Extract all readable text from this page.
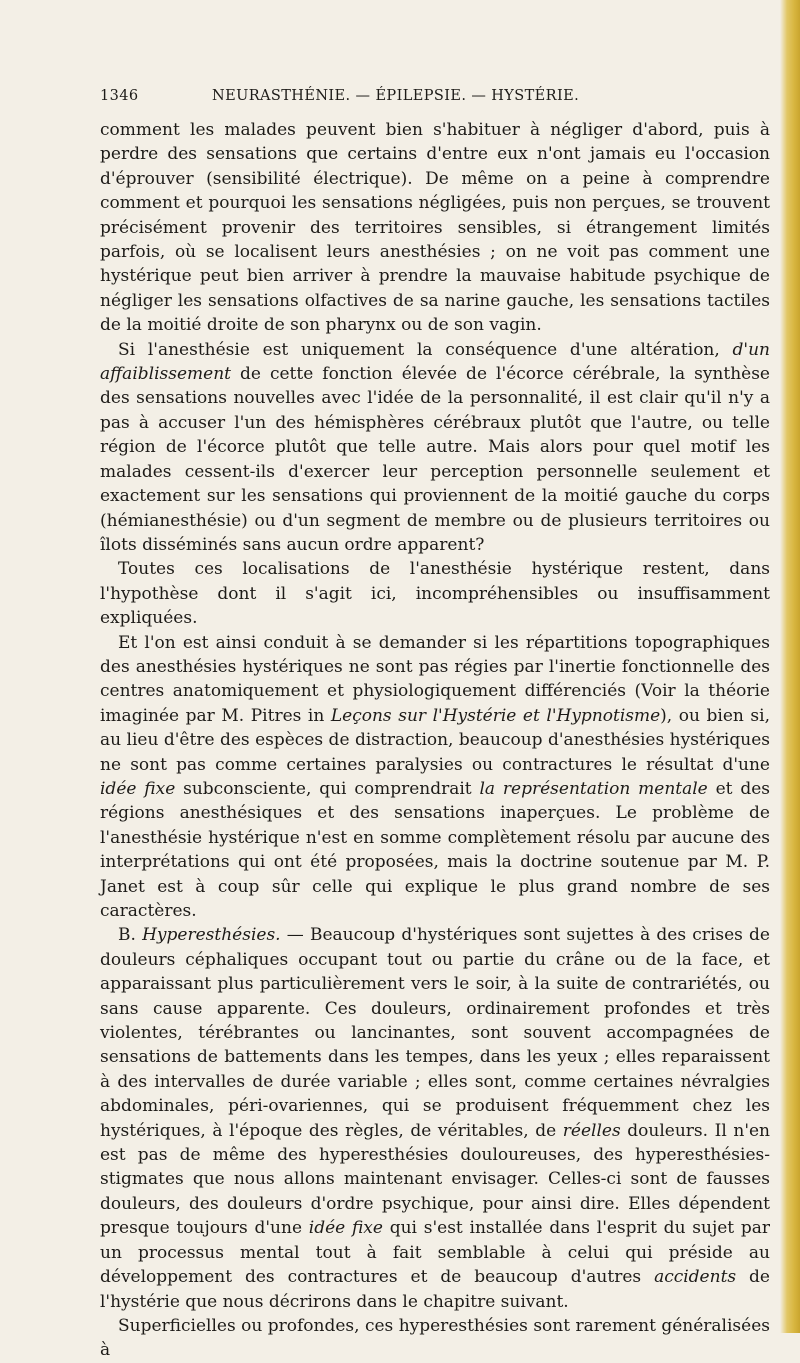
1346	NEURASTHÉNIE. — ÉPILEPSIE. — HYSTÉRIE.

comment les malades peuvent bien s'habituer à négliger d'abord, puis à perdre des sensations que certains d'entre eux n'ont jamais eu l'occasion d'éprouver (sensibilité électrique). De même on a peine à comprendre comment et pourquoi les sensations négligées, puis non perçues, se trouvent précisément provenir des territoires sensibles, si étrangement limités parfois, où se localisent leurs anesthésies ; on ne voit pas comment une hystérique peut bien arriver à prendre la mauvaise habitude psychique de négliger les sensations olfactives de sa narine gauche, les sensations tactiles de la moitié droite de son pharynx ou de son vagin.

Si l'anesthésie est uniquement la conséquence d'une altération, d'un affaiblissement de cette fonction élevée de l'écorce cérébrale, la synthèse des sensations nouvelles avec l'idée de la personnalité, il est clair qu'il n'y a pas à accuser l'un des hémisphères cérébraux plutôt que l'autre, ou telle région de l'écorce plutôt que telle autre. Mais alors pour quel motif les malades cessent-ils d'exercer leur perception personnelle seulement et exactement sur les sensations qui proviennent de la moitié gauche du corps (hémianesthésie) ou d'un segment de membre ou de plusieurs territoires ou îlots disséminés sans aucun ordre apparent?

Toutes ces localisations de l'anesthésie hystérique restent, dans l'hypothèse dont il s'agit ici, incompréhensibles ou insuffisamment expliquées.

Et l'on est ainsi conduit à se demander si les répartitions topographiques des anesthésies hystériques ne sont pas régies par l'inertie fonctionnelle des centres anatomiquement et physiologiquement différenciés (Voir la théorie imaginée par M. Pitres in Leçons sur l'Hystérie et l'Hypnotisme), ou bien si, au lieu d'être des espèces de distraction, beaucoup d'anesthésies hystériques ne sont pas comme certaines paralysies ou contractures le résultat d'une idée fixe subconsciente, qui comprendrait la représentation mentale et des régions anesthésiques et des sensations inaperçues. Le problème de l'anesthésie hystérique n'est en somme complètement résolu par aucune des interprétations qui ont été proposées, mais la doctrine soutenue par M. P. Janet est à coup sûr celle qui explique le plus grand nombre de ses caractères.

B. Hyperesthésies. — Beaucoup d'hystériques sont sujettes à des crises de douleurs céphaliques occupant tout ou partie du crâne ou de la face, et apparaissant plus particulièrement vers le soir, à la suite de contrariétés, ou sans cause apparente. Ces douleurs, ordinairement profondes et très violentes, térébrantes ou lancinantes, sont souvent accompagnées de sensations de battements dans les tempes, dans les yeux ; elles reparaissent à des intervalles de durée variable ; elles sont, comme certaines névralgies abdominales, péri-ovariennes, qui se produisent fréquemment chez les hystériques, à l'époque des règles, de véritables, de réelles douleurs. Il n'en est pas de même des hyperesthésies douloureuses, des hyperesthésies-stigmates que nous allons maintenant envisager. Celles-ci sont de fausses douleurs, des douleurs d'ordre psychique, pour ainsi dire. Elles dépendent presque toujours d'une idée fixe qui s'est installée dans l'esprit du sujet par un processus mental tout à fait semblable à celui qui préside au développement des contractures et de beaucoup d'autres accidents de l'hystérie que nous décrirons dans le chapitre suivant.

Superficielles ou profondes, ces hyperesthésies sont rarement généralisées à
